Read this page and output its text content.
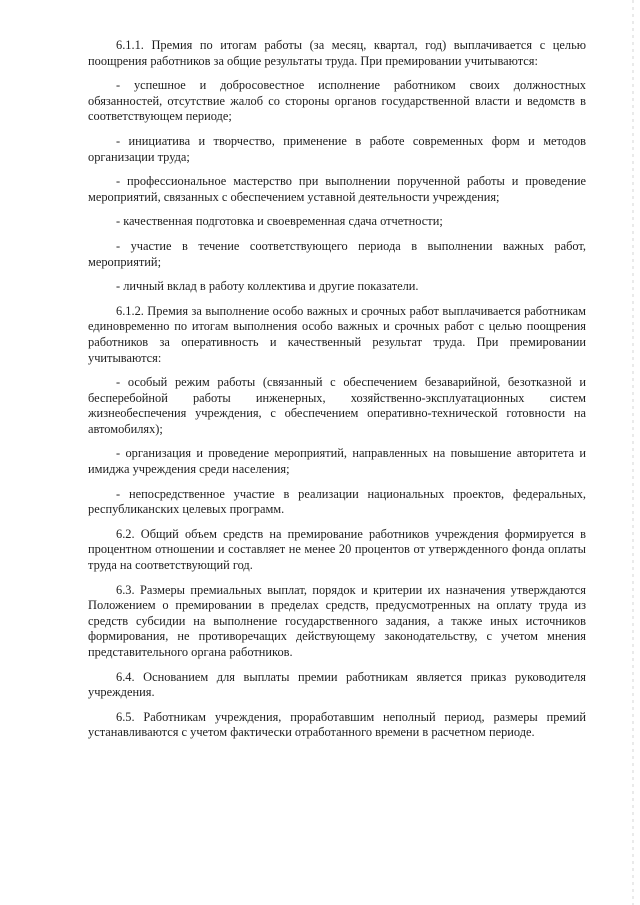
6.1.1. Премия по итогам работы (за месяц, квартал, год) выплачивается с целью поощрения работников за общие результаты труда. При премировании учитываются:

- успешное и добросовестное исполнение работником своих должностных обязанностей, отсутствие жалоб со стороны органов государственной власти и ведомств в соответствующем периоде;

- инициатива и творчество, применение в работе современных форм и методов организации труда;

- профессиональное мастерство при выполнении порученной работы и проведение мероприятий, связанных с обеспечением уставной деятельности учреждения;

- качественная подготовка и своевременная сдача отчетности;

- участие в течение соответствующего периода в выполнении важных работ, мероприятий;

- личный вклад в работу коллектива и другие показатели.

6.1.2. Премия за выполнение особо важных и срочных работ выплачивается работникам единовременно по итогам выполнения особо важных и срочных работ с целью поощрения работников за оперативность и качественный результат труда. При премировании учитываются:

- особый режим работы (связанный с обеспечением безаварийной, безотказной и бесперебойной работы инженерных, хозяйственно-эксплуатационных систем жизнеобеспечения учреждения, с обеспечением оперативно-технической готовности на автомобилях);

- организация и проведение мероприятий, направленных на повышение авторитета и имиджа учреждения среди населения;

- непосредственное участие в реализации национальных проектов, федеральных, республиканских целевых программ.

6.2. Общий объем средств на премирование работников учреждения формируется в процентном отношении и составляет не менее 20 процентов от утвержденного фонда оплаты труда на соответствующий год.

6.3. Размеры премиальных выплат, порядок и критерии их назначения утверждаются Положением о премировании в пределах средств, предусмотренных на оплату труда из средств субсидии на выполнение государственного задания, а также иных источников формирования, не противоречащих действующему законодательству, с учетом мнения представительного органа работников.

6.4. Основанием для выплаты премии работникам является приказ руководителя учреждения.

6.5. Работникам учреждения, проработавшим неполный период, размеры премий устанавливаются с учетом фактически отработанного времени в расчетном периоде.
